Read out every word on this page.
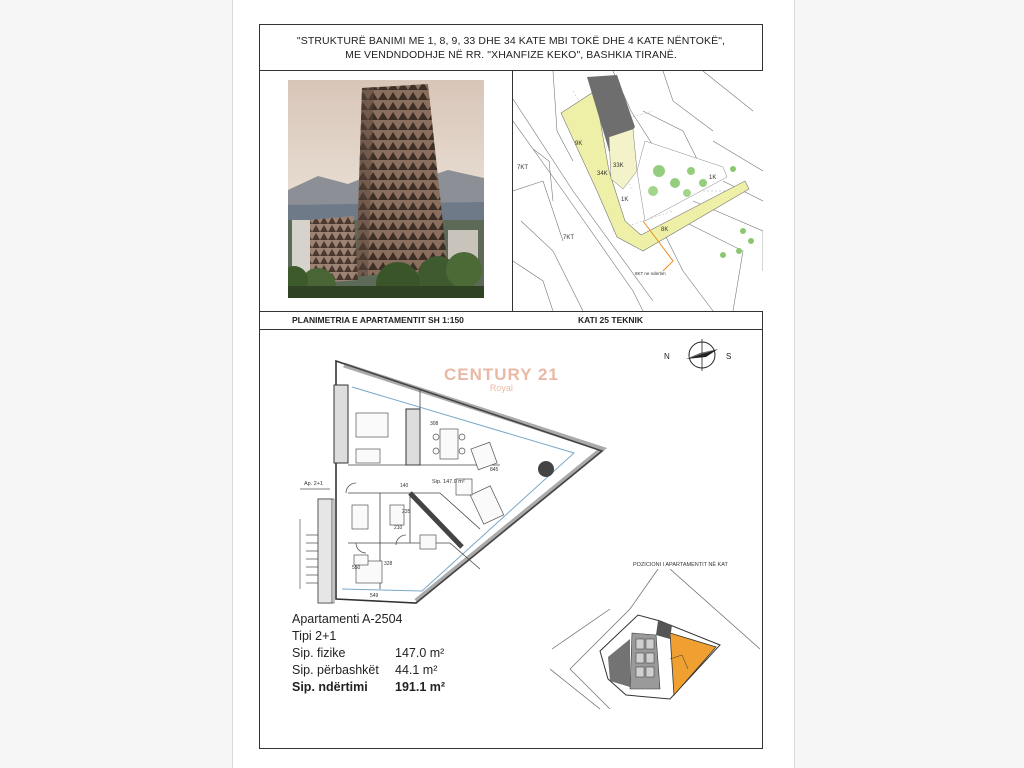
"STRUKTURË BANIMI ME 1, 8, 9, 33 DHE 34 KATE MBI TOKË DHE 4 KATE NËNTOKË",
ME VENDNDODHJE NË RR. "XHANFIZE KEKO", BASHKIA TIRANË.
7KT
7KT
9K
34K
33K
1K
1K
8K
8KT ne ndertim
PLANIMETRIA E APARTAMENTIT SH 1:150	KATI 25 TEKNIK
N	S
CENTURY 21
Royal
845
549
308
140
210
235
328
550
Sip. 147.0 m²
Ap. 2+1
Apartamenti A-2504
Tipi 2+1
Sip. fizike	147.0 m²
Sip. përbashkët 44.1 m²
Sip. ndërtimi 191.1 m²
POZICIONI I APARTAMENTIT NË KAT
